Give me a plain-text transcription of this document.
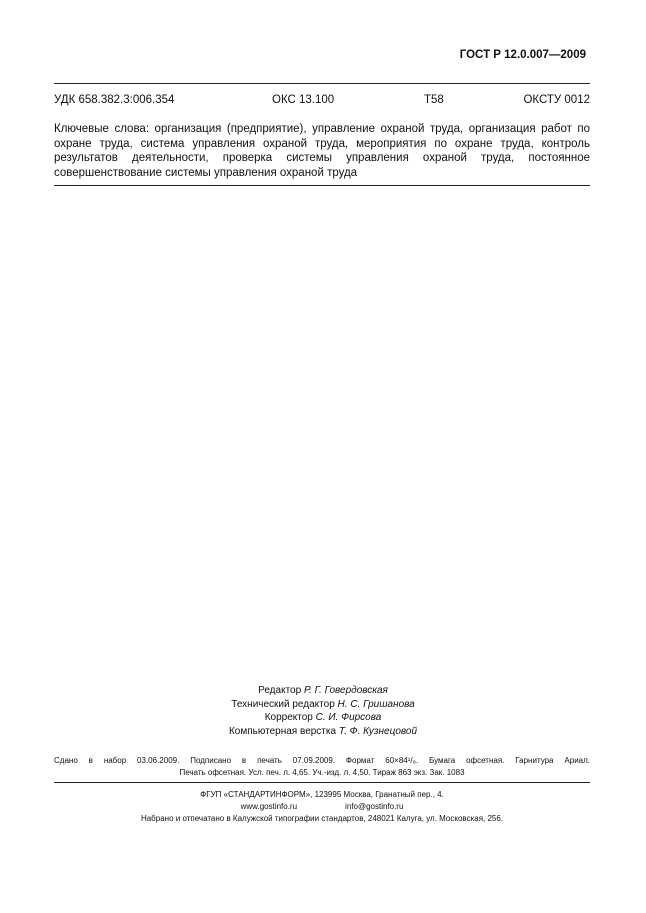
ГОСТ Р 12.0.007—2009
УДК 658.382.3:006.354	ОКС 13.100	Т58	ОКСТУ 0012
Ключевые слова: организация (предприятие), управление охраной труда, организация работ по охране труда, система управления охраной труда, мероприятия по охране труда, контроль результатов деятельности, проверка системы управления охраной труда, постоянное совершенствование системы управления охраной труда
Редактор Р. Г. Говердовская
Технический редактор Н. С. Гришанова
Корректор С. И. Фирсова
Компьютерная верстка Т. Ф. Кузнецовой
Сдано в набор 03.06.2009. Подписано в печать 07.09.2009. Формат 60×84¹/₈. Бумага офсетная. Гарнитура Ариал.
Печать офсетная. Усл. печ. л. 4,65. Уч.-изд. л. 4,50. Тираж 863 экз. Зак. 1083
ФГУП «СТАНДАРТИНФОРМ», 123995 Москва, Гранатный пер., 4.
www.gostinfo.ru	info@gostinfo.ru
Набрано и отпечатано в Калужской типографии стандартов, 248021 Калуга, ул. Московская, 256.
